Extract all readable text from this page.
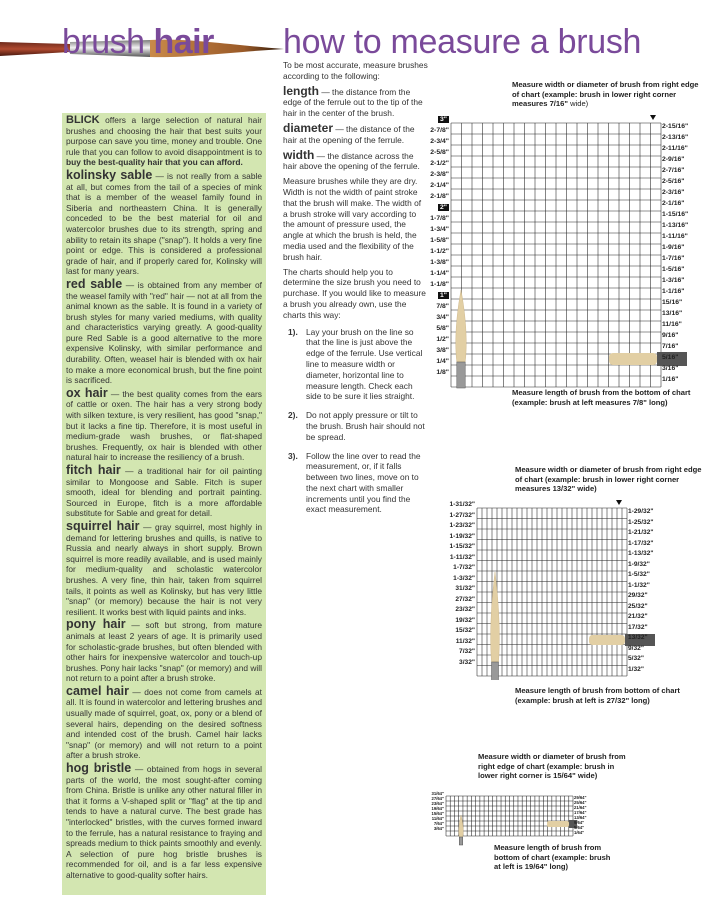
brush hair how to measure a brush

BLICK offers a large selection of natural hair brushes and choosing the hair that best suits your purpose can save you time, money and trouble. One rule that you can follow to avoid disappointment is to buy the best-quality hair that you can afford.

kolinsky sable — is not really from a sable at all, but comes from the tail of a species of mink that is a member of the weasel family found in Siberia and northeastern China. It is generally conceded to be the best material for oil and watercolor brushes due to its strength, spring and ability to retain its shape ("snap"). It holds a very fine point or edge. This is considered a professional grade of hair, and if properly cared for, Kolinsky will last for many years.

red sable — is obtained from any member of the weasel family with "red" hair — not at all from the animal known as the sable. It is found in a variety of brush styles for many varied mediums, with quality and characteristics varying greatly. A good-quality pure Red Sable is a good alternative to the more expensive Kolinsky, with similar performance and durability. Often, weasel hair is blended with ox hair to make a more economical brush, but the fine point is sacrificed.

ox hair — the best quality comes from the ears of cattle or oxen. The hair has a very strong body with silken texture, is very resilient, has good "snap," but it lacks a fine tip. Therefore, it is most useful in medium-grade wash brushes, or flat-shaped brushes. Frequently, ox hair is blended with other natural hair to increase the resiliency of a brush.

fitch hair — a traditional hair for oil painting similar to Mongoose and Sable. Fitch is super smooth, ideal for blending and portrait painting. Sourced in Europe, fitch is a more affordable substitute for Sable and great for detail.

squirrel hair — gray squirrel, most highly in demand for lettering brushes and quills, is native to Russia and nearly always in short supply. Brown squirrel is more readily available, and is used mainly for medium-quality and scholastic watercolor brushes. A very fine, thin hair, taken from squirrel tails, it points as well as Kolinsky, but has very little "snap" (or memory) because the hair is not very resilient. It works best with liquid paints and inks.

pony hair — soft but strong, from mature animals at least 2 years of age. It is primarily used for scholastic-grade brushes, but often blended with other hairs for inexpensive watercolor and touch-up brushes. Pony hair lacks "snap" (or memory) and will not return to a point after a brush stroke.

camel hair — does not come from camels at all. It is found in watercolor and lettering brushes and usually made of squirrel, goat, ox, pony or a blend of several hairs, depending on the desired softness and intended cost of the brush. Camel hair lacks "snap" (or memory) and will not return to a point after a brush stroke.

hog bristle — obtained from hogs in several parts of the world, the most sought-after coming from China. Bristle is unlike any other natural filler in that it forms a V-shaped split or "flag" at the tip and tends to have a natural curve. The best grade has "interlocked" bristles, with the curves formed inward to the ferrule, has a natural resistance to fraying and spreads medium to thick paints smoothly and evenly. A selection of pure hog bristle brushes is recommended for oil, and is a far less expensive alternative to good-quality softer hairs.

To be most accurate, measure brushes according to the following:

length — the distance from the edge of the ferrule out to the tip of the hair in the center of the brush.

diameter — the distance of the hair at the opening of the ferrule.

width — the distance across the hair above the opening of the ferrule.

Measure brushes while they are dry. Width is not the width of paint stroke that the brush will make. The width of a brush stroke will vary according to the amount of pressure used, the angle at which the brush is held, the media used and the flexibility of the brush hair.

The charts should help you to determine the size brush you need to purchase. If you would like to measure a brush you already own, use the charts this way:

1). Lay your brush on the line so that the line is just above the edge of the ferrule. Use vertical line to measure width or diameter, horizontal line to measure length. Check each side to be sure it lies straight.
2). Do not apply pressure or tilt to the brush. Brush hair should not be spread.
3). Follow the line over to read the measurement, or, if it falls between two lines, move on to the next chart with smaller increments until you find the exact measurement.
Measure width or diameter of brush from right edge of chart (example: brush in lower right corner measures 7/16" wide)
3"
2-7/8"
2-3/4"
2-5/8"
2-1/2"
2-3/8"
2-1/4"
2-1/8"
2"
1-7/8"
1-3/4"
1-5/8"
1-1/2"
1-3/8"
1-1/4"
1-1/8"
1"
7/8"
3/4"
5/8"
1/2"
3/8"
1/4"
1/8"
2-15/16"
2-13/16"
2-11/16"
2-9/16"
2-7/16"
2-5/16"
2-3/16"
2-1/16"
1-15/16"
1-13/16"
1-11/16"
1-9/16"
1-7/16"
1-5/16"
1-3/16"
1-1/16"
15/16"
13/16"
11/16"
9/16"
7/16"
5/16"
3/16"
1/16"
Measure length of brush from the bottom of chart (example: brush at left measures 7/8" long)
Measure width or diameter of brush from right edge of chart (example: brush in lower right corner measures 13/32" wide)
1-31/32"
1-27/32"
1-23/32"
1-19/32"
1-15/32"
1-11/32"
1-7/32"
1-3/32"
31/32"
27/32"
23/32"
19/32"
15/32"
11/32"
7/32"
3/32"
1-29/32"
1-25/32"
1-21/32"
1-17/32"
1-13/32"
1-9/32"
1-5/32"
1-1/32"
29/32"
25/32"
21/32"
17/32"
13/32"
9/32"
5/32"
1/32"
Measure length of brush from bottom of chart (example: brush at left is 27/32" long)
Measure width or diameter of brush from right edge of chart (example: brush in lower right corner is 15/64" wide)
31/64"
27/64"
23/64"
19/64"
15/64"
11/64"
7/64"
3/64"
29/64"
25/64"
21/64"
17/64"
13/64"
9/64"
5/64"
1/64"
Measure length of brush from bottom of chart (example: brush at left is 19/64" long)
